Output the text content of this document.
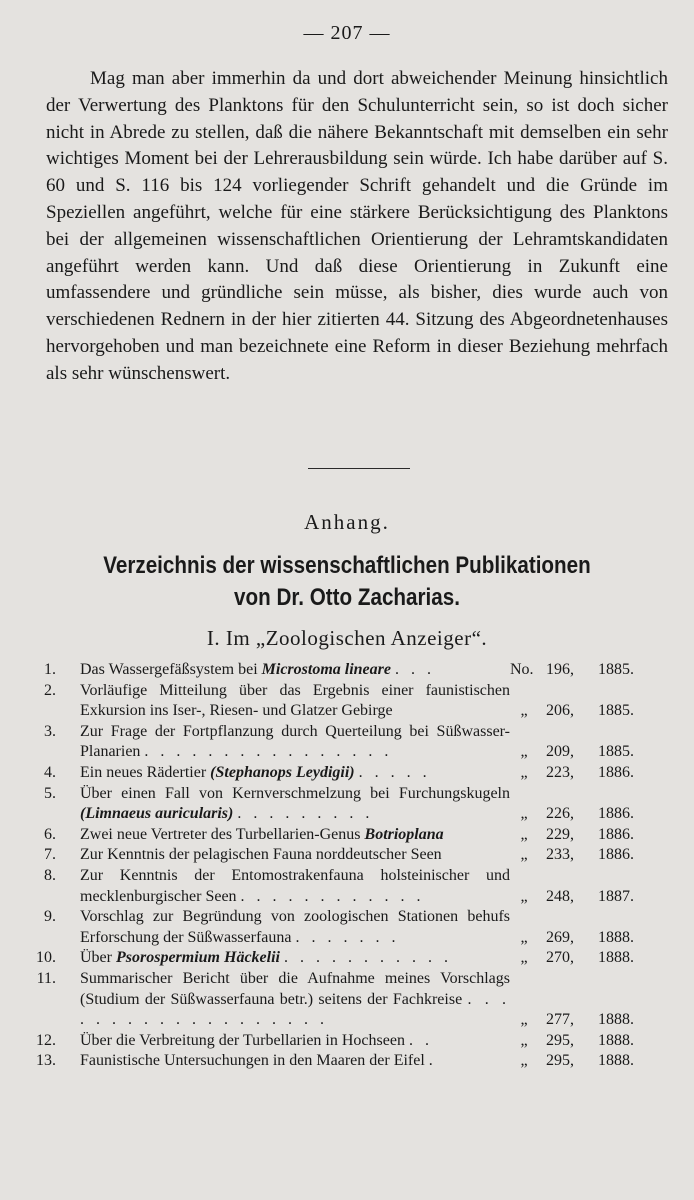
— 207 —

Mag man aber immerhin da und dort abweichender Meinung hinsichtlich der Verwertung des Planktons für den Schulunterricht sein, so ist doch sicher nicht in Abrede zu stellen, daß die nähere Bekanntschaft mit demselben ein sehr wichtiges Moment bei der Lehrerausbildung sein würde. Ich habe darüber auf S. 60 und S. 116 bis 124 vorliegender Schrift gehandelt und die Gründe im Speziellen angeführt, welche für eine stärkere Berücksichtigung des Planktons bei der allgemeinen wissenschaftlichen Orientierung der Lehramtskandidaten angeführt werden kann. Und daß diese Orientierung in Zukunft eine umfassendere und gründliche sein müsse, als bisher, dies wurde auch von verschiedenen Rednern in der hier zitierten 44. Sitzung des Abgeordnetenhauses hervorgehoben und man bezeichnete eine Reform in dieser Beziehung mehrfach als sehr wünschenswert.

Anhang.
Verzeichnis der wissenschaftlichen Publikationen
von Dr. Otto Zacharias.
I. Im „Zoologischen Anzeiger“.
1. Das Wassergefäßsystem bei Microstoma lineare . . .	No. 196, 1885.
2. Vorläufige Mitteilung über das Ergebnis einer faunistischen Exkursion ins Iser-, Riesen- und Glatzer Gebirge	„ 206, 1885.
3. Zur Frage der Fortpflanzung durch Querteilung bei Süßwasser-Planarien . . . . . . . . . . . . . . . .	„ 209, 1885.
4. Ein neues Rädertier (Stephanops Leydigii) . . . . .	„ 223, 1886.
5. Über einen Fall von Kernverschmelzung bei Furchungskugeln (Limnaeus auricularis) . . . . . . . . .	„ 226, 1886.
6. Zwei neue Vertreter des Turbellarien-Genus Botrioplana	„ 229, 1886.
7. Zur Kenntnis der pelagischen Fauna norddeutscher Seen	„ 233, 1886.
8. Zur Kenntnis der Entomostrakenfauna holsteinischer und mecklenburgischer Seen . . . . . . . . . . . .	„ 248, 1887.
9. Vorschlag zur Begründung von zoologischen Stationen behufs Erforschung der Süßwasserfauna . . . . . . .	„ 269, 1888.
10. Über Psorospermium Häckelii . . . . . . . . . . .	„ 270, 1888.
11. Summarischer Bericht über die Aufnahme meines Vorschlags (Studium der Süßwasserfauna betr.) seitens der Fachkreise . . . . . . . . . . . . . . . . . . .	„ 277, 1888.
12. Über die Verbreitung der Turbellarien in Hochseen . .	„ 295, 1888.
13. Faunistische Untersuchungen in den Maaren der Eifel .	„ 295, 1888.
